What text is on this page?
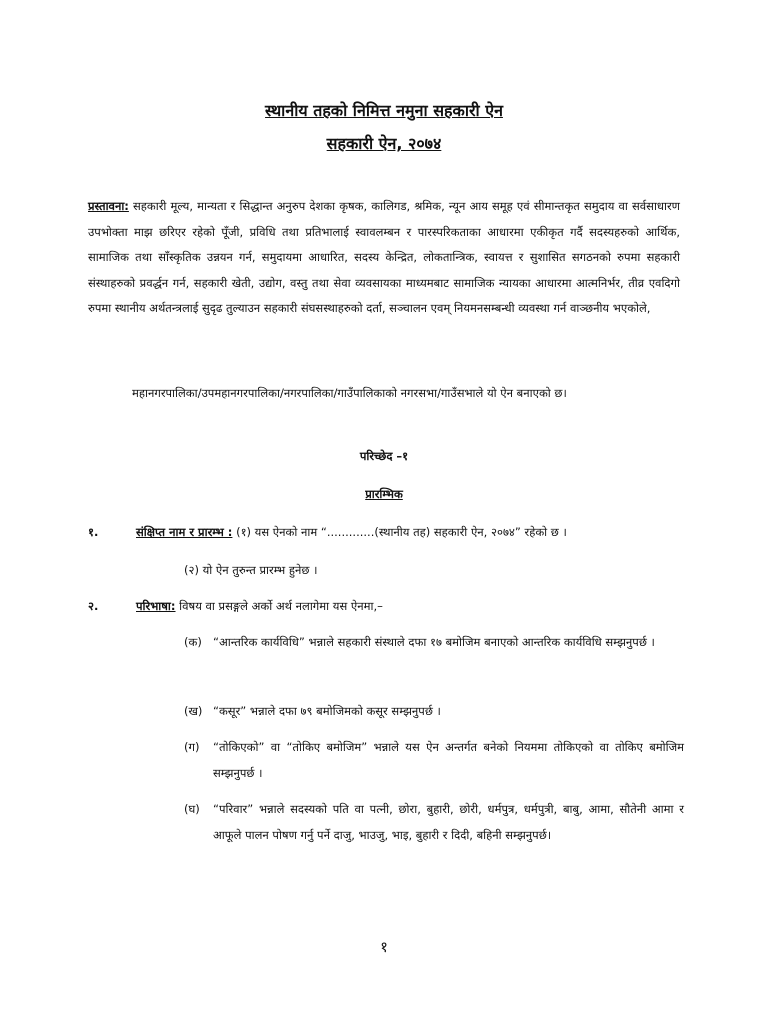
स्थानीय तहको निमित्त नमुना सहकारी ऐन
सहकारी ऐन, २०७४
प्रस्तावना: सहकारी मूल्य, मान्यता र सिद्धान्त अनुरुप देशका कृषक, कालिगड, श्रमिक, न्यून आय समूह एवं सीमान्तकृत समुदाय वा सर्वसाधारण उपभोक्ता माझ छरिएर रहेको पूँजी, प्रविधि तथा प्रतिभालाई स्वावलम्बन र पारस्परिकताका आधारमा एकीकृत गर्दै सदस्यहरुको आर्थिक, सामाजिक तथा साँस्कृतिक उन्नयन गर्न, समुदायमा आधारित, सदस्य केन्द्रित, लोकतान्त्रिक, स्वायत्त र सुशासित सगठनको रुपमा सहकारी संस्थाहरुको प्रवर्द्धन गर्न, सहकारी खेती, उद्योग, वस्तु तथा सेवा व्यवसायका माध्यमबाट सामाजिक न्यायका आधारमा आत्मनिर्भर, तीव्र एवदिगो रुपमा स्थानीय अर्थतन्त्रलाई सुदृढ तुल्याउन सहकारी संघसस्थाहरुको दर्ता, सञ्चालन एवम् नियमनसम्बन्धी व्यवस्था गर्न वाञ्छनीय भएकोले,
महानगरपालिका/उपमहानगरपालिका/नगरपालिका/गाउँपालिकाको नगरसभा/गाउँसभाले यो ऐन बनाएको छ।
परिच्छेद –१
प्रारम्भिक
१.	संक्षिप्त नाम र प्रारम्भ : (१) यस ऐनको नाम “.............(स्थानीय तह) सहकारी ऐन, २०७४” रहेको छ ।
(२) यो ऐन तुरुन्त प्रारम्भ हुनेछ ।
२.	परिभाषा: विषय वा प्रसङ्गले अर्को अर्थ नलागेमा यस ऐनमा,–
(क) “आन्तरिक कार्यविधि” भन्नाले सहकारी संस्थाले दफा १७ बमोजिम बनाएको आन्तरिक कार्यविधि सम्झनुपर्छ ।
(ख) “कसूर” भन्नाले दफा ७९ बमोजिमको कसूर सम्झनुपर्छ ।
(ग)	“तोकिएको” वा “तोकिए बमोजिम” भन्नाले यस ऐन अन्तर्गत बनेको नियममा तोकिएको वा तोकिए बमोजिम सम्झनुपर्छ ।
(घ)	“परिवार” भन्नाले सदस्यको पति वा पत्नी, छोरा, बुहारी, छोरी, धर्मपुत्र, धर्मपुत्री, बाबु, आमा, सौतेनी आमा र आफूले पालन पोषण गर्नु पर्ने दाजु, भाउजु, भाइ, बुहारी र दिदी, बहिनी सम्झनुपर्छ।
१
